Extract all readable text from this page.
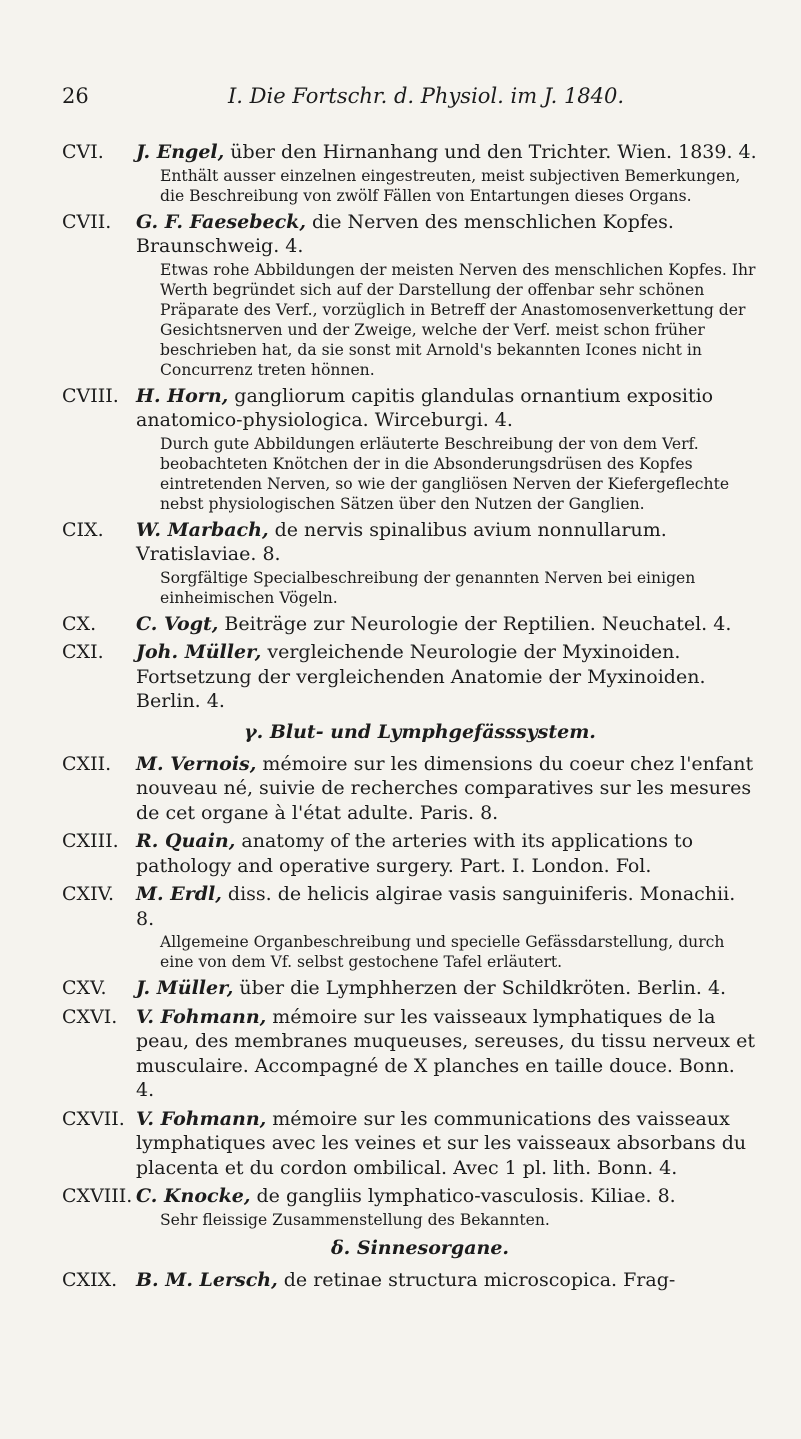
26	I. Die Fortschr. d. Physiol. im J. 1840.
CVI. J. Engel, über den Hirnanhang und den Trichter. Wien. 1839. 4.
Enthält ausser einzelnen eingestreuten, meist subjectiven Bemerkungen, die Beschreibung von zwölf Fällen von Entartungen dieses Organs.
CVII. G. F. Faesebeck, die Nerven des menschlichen Kopfes. Braunschweig. 4.
Etwas rohe Abbildungen der meisten Nerven des menschlichen Kopfes. Ihr Werth begründet sich auf der Darstellung der offenbar sehr schönen Präparate des Verf., vorzüglich in Betreff der Anastomosenverkettung der Gesichtsnerven und der Zweige, welche der Verf. meist schon früher beschrieben hat, da sie sonst mit Arnold's bekannten Icones nicht in Concurrenz treten hönnen.
CVIII. H. Horn, gangliorum capitis glandulas ornantium expositio anatomico-physiologica. Wirceburgi. 4.
Durch gute Abbildungen erläuterte Beschreibung der von dem Verf. beobachteten Knötchen der in die Absonderungsdrüsen des Kopfes eintretenden Nerven, so wie der gangliösen Nerven der Kiefergeflechte nebst physiologischen Sätzen über den Nutzen der Ganglien.
CIX. W. Marbach, de nervis spinalibus avium nonnullarum. Vratislaviae. 8.
Sorgfältige Specialbeschreibung der genannten Nerven bei einigen einheimischen Vögeln.
CX. C. Vogt, Beiträge zur Neurologie der Reptilien. Neuchatel. 4.
CXI. Joh. Müller, vergleichende Neurologie der Myxinoiden. Fortsetzung der vergleichenden Anatomie der Myxinoiden. Berlin. 4.
γ. Blut- und Lymphgefässsystem.
CXII. M. Vernois, mémoire sur les dimensions du coeur chez l'enfant nouveau né, suivie de recherches comparatives sur les mesures de cet organe à l'état adulte. Paris. 8.
CXIII. R. Quain, anatomy of the arteries with its applications to pathology and operative surgery. Part. I. London. Fol.
CXIV. M. Erdl, diss. de helicis algirae vasis sanguiniferis. Monachii. 8.
Allgemeine Organbeschreibung und specielle Gefässdarstellung, durch eine von dem Vf. selbst gestochene Tafel erläutert.
CXV. J. Müller, über die Lymphherzen der Schildkröten. Berlin. 4.
CXVI. V. Fohmann, mémoire sur les vaisseaux lymphatiques de la peau, des membranes muqueuses, sereuses, du tissu nerveux et musculaire. Accompagné de X planches en taille douce. Bonn. 4.
CXVII. V. Fohmann, mémoire sur les communications des vaisseaux lymphatiques avec les veines et sur les vaisseaux absorbans du placenta et du cordon ombilical. Avec 1 pl. lith. Bonn. 4.
CXVIII. C. Knocke, de gangliis lymphatico-vasculosis. Kiliae. 8.
Sehr fleissige Zusammenstellung des Bekannten.
δ. Sinnesorgane.
CXIX. B. M. Lersch, de retinae structura microscopica. Frag-
